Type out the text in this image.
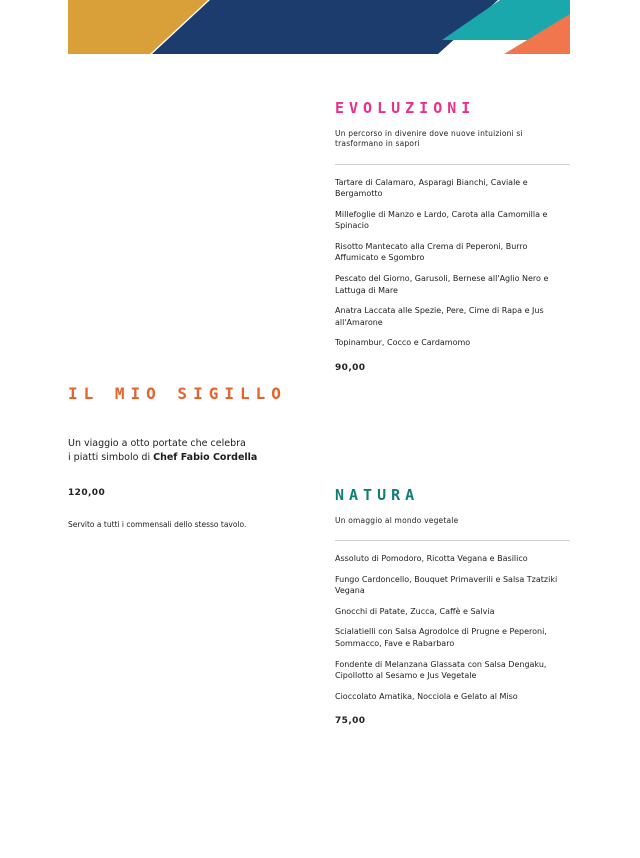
EVOLUZIONI

Un percorso in divenire dove nuove intuizioni si trasformano in sapori

Tartare di Calamaro, Asparagi Bianchi, Caviale e Bergamotto
Millefoglie di Manzo e Lardo, Carota alla Camomilla e Spinacio
Risotto Mantecato alla Crema di Peperoni, Burro Affumicato e Sgombro
Pescato del Giorno, Garusoli, Bernese all'Aglio Nero e Lattuga di Mare
Anatra Laccata alle Spezie, Pere, Cime di Rapa e Jus all'Amarone
Topinambur, Cocco e Cardamomo
90,00
IL MIO SIGILLO

Un viaggio a otto portate che celebra
i piatti simbolo di Chef Fabio Cordella

120,00

Servito a tutti i commensali dello stesso tavolo.

NATURA

Un omaggio al mondo vegetale

Assoluto di Pomodoro, Ricotta Vegana e Basilico
Fungo Cardoncello, Bouquet Primaverili e Salsa Tzatziki Vegana
Gnocchi di Patate, Zucca, Caffè e Salvia
Scialatielli con Salsa Agrodolce di Prugne e Peperoni, Sommacco, Fave e Rabarbaro
Fondente di Melanzana Glassata con Salsa Dengaku, Cipollotto al Sesamo e Jus Vegetale
Cioccolato Amatika, Nocciola e Gelato al Miso
75,00
